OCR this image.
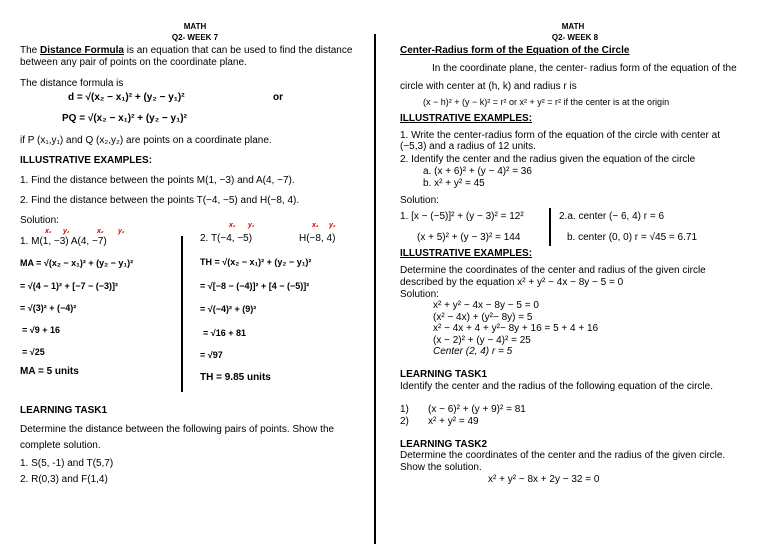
MATH
Q2- WEEK 7
The Distance Formula is an equation that can be used to find the distance between any pair of points on the coordinate plane.
The distance formula is
d = √(x₂ − x₁)² + (y₂ − y₁)²	or
PQ = √(x₂ − x₁)² + (y₂ − y₁)²
if P (x₁,y₁) and Q (x₂,y₂) are points on a coordinate plane.
ILLUSTRATIVE EXAMPLES:
1. Find the distance between the points M(1, −3) and A(4, −7).
2. Find the distance between the points T(−4, −5) and H(−8, 4).
Solution:
x₁ y₁	x₂ y₂
1. M(1, −3) A(4, −7)
MA = √(x₂ − x₁)² + (y₂ − y₁)²
= √(4 − 1)² + [−7 − (−3)]²
= √(3)² + (−4)²
= √9 + 16
= √25
MA = 5 units
x₁ y₁	x₂ y₂
2. T(−4, −5)	H(−8, 4)
TH = √(x₂ − x₁)² + (y₂ − y₁)²
= √[−8 − (−4)]² + [4 − (−5)]²
= √(−4)² + (9)²
= √16 + 81
= √97
TH = 9.85 units
LEARNING TASK1
Determine the distance between the following pairs of points. Show the complete solution.
1. S(5, -1) and T(5,7)
2. R(0,3) and F(1,4)
MATH
Q2- WEEK 8
Center-Radius form of the Equation of the Circle
In the coordinate plane, the center- radius form of the equation of the circle with center at (h, k) and radius r is
(x − h)² + (y − k)² = r² or x² + y² = r² if the center is at the origin
ILLUSTRATIVE EXAMPLES:
1. Write the center-radius form of the equation of the circle with center at (−5,3) and a radius of 12 units.
2. Identify the center and the radius given the equation of the circle
a. (x + 6)² + (y − 4)² = 36
b. x² + y² = 45
Solution:
1. [x − (−5)]² + (y − 3)² = 12²
(x + 5)² + (y − 3)² = 144
2.a. center (− 6, 4) r = 6
b. center (0, 0) r = √45 = 6.71
ILLUSTRATIVE EXAMPLES:
Determine the coordinates of the center and radius of the given circle described by the equation x² + y² − 4x − 8y − 5 = 0
Solution:
x² + y² − 4x − 8y − 5 = 0
(x² − 4x) + (y²− 8y) = 5
x² − 4x + 4 + y²− 8y + 16 = 5 + 4 + 16
(x − 2)² + (y − 4)² = 25
Center (2, 4) r = 5
LEARNING TASK1
Identify the center and the radius of the following equation of the circle.
1) (x − 6)² + (y + 9)² = 81
2) x² + y² = 49
LEARNING TASK2
Determine the coordinates of the center and the radius of the given circle. Show the solution.
x² + y² − 8x + 2y − 32 = 0
